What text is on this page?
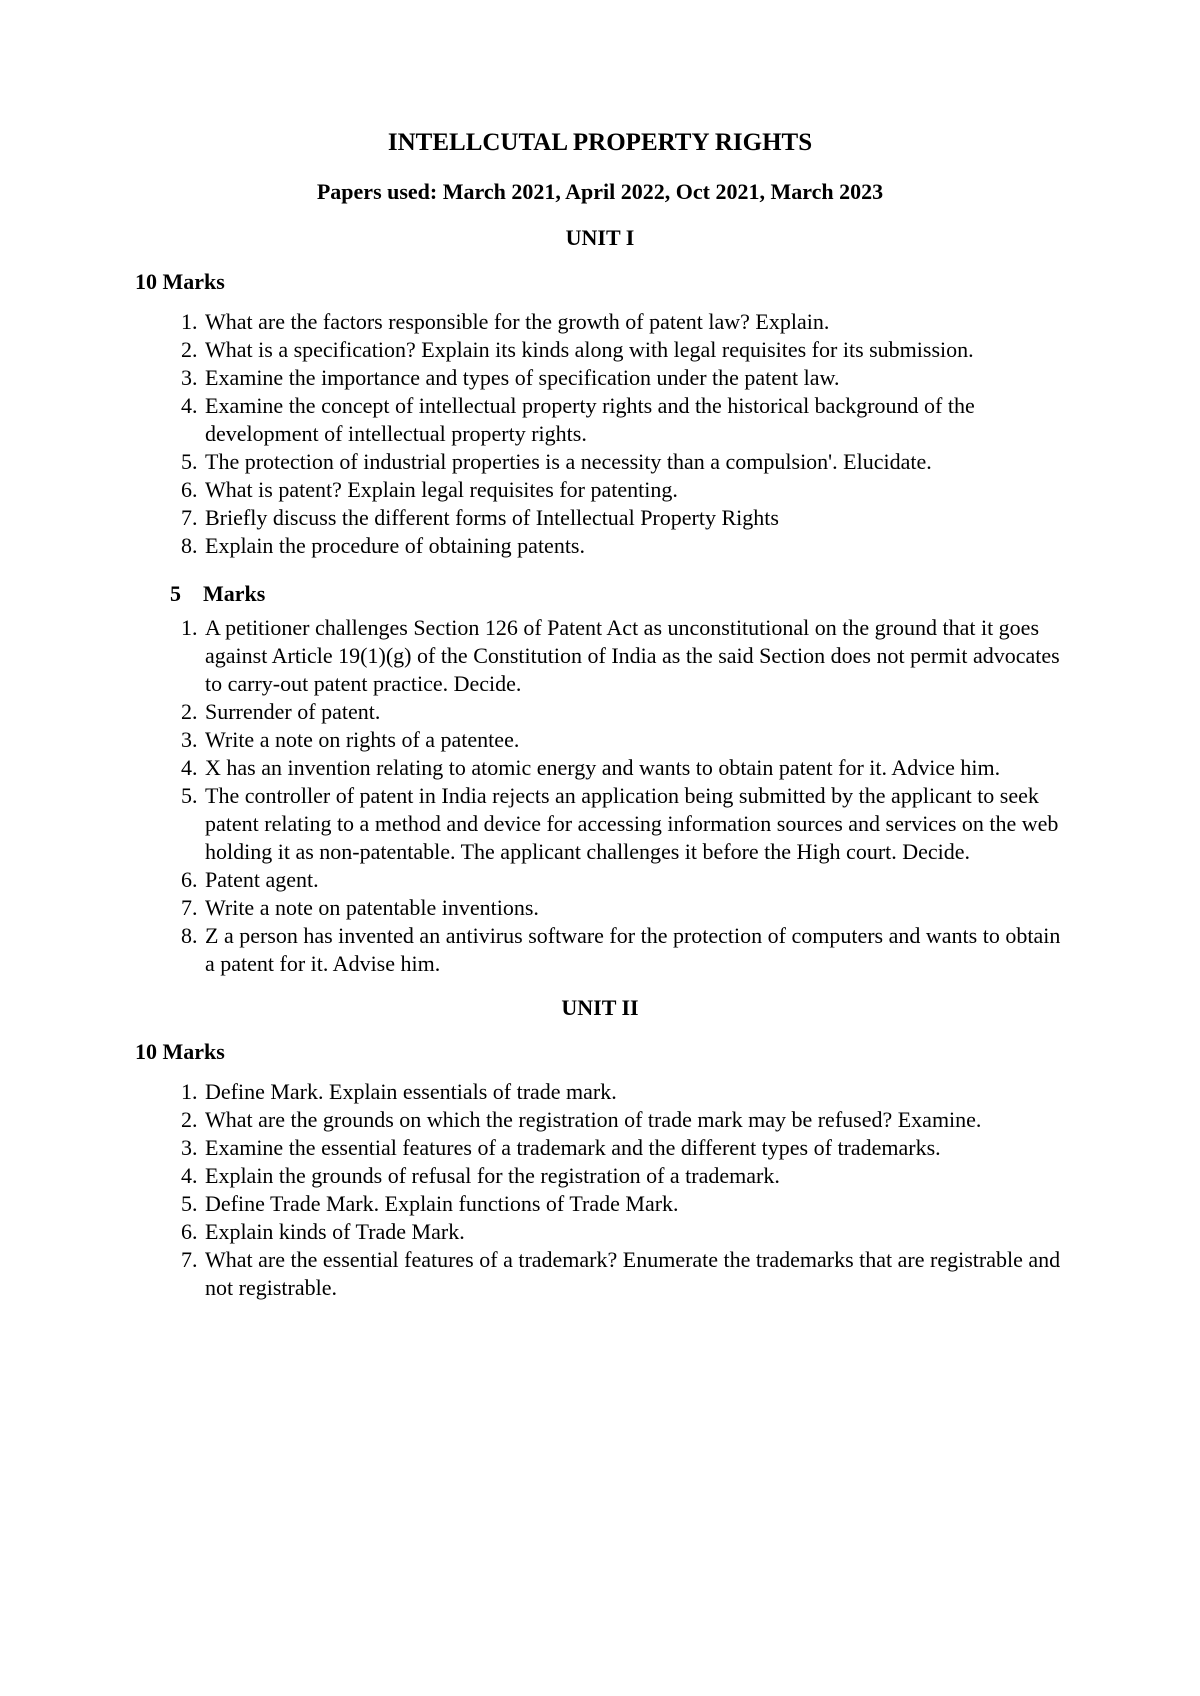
INTELLCUTAL PROPERTY RIGHTS
Papers used: March 2021, April 2022, Oct 2021, March 2023
UNIT I
10 Marks
1. What are the factors responsible for the growth of patent law? Explain.
2. What is a specification? Explain its kinds along with legal requisites for its submission.
3. Examine the importance and types of specification under the patent law.
4. Examine the concept of intellectual property rights and the historical background of the development of intellectual property rights.
5. The protection of industrial properties is a necessity than a compulsion'. Elucidate.
6. What is patent? Explain legal requisites for patenting.
7. Briefly discuss the different forms of Intellectual Property Rights
8. Explain the procedure of obtaining patents.
5 Marks
1. A petitioner challenges Section 126 of Patent Act as unconstitutional on the ground that it goes against Article 19(1)(g) of the Constitution of India as the said Section does not permit advocates to carry-out patent practice. Decide.
2. Surrender of patent.
3. Write a note on rights of a patentee.
4. X has an invention relating to atomic energy and wants to obtain patent for it. Advice him.
5. The controller of patent in India rejects an application being submitted by the applicant to seek patent relating to a method and device for accessing information sources and services on the web holding it as non-patentable. The applicant challenges it before the High court. Decide.
6. Patent agent.
7. Write a note on patentable inventions.
8. Z a person has invented an antivirus software for the protection of computers and wants to obtain a patent for it. Advise him.
UNIT II
10 Marks
1. Define Mark. Explain essentials of trade mark.
2. What are the grounds on which the registration of trade mark may be refused? Examine.
3. Examine the essential features of a trademark and the different types of trademarks.
4. Explain the grounds of refusal for the registration of a trademark.
5. Define Trade Mark. Explain functions of Trade Mark.
6. Explain kinds of Trade Mark.
7. What are the essential features of a trademark? Enumerate the trademarks that are registrable and not registrable.
